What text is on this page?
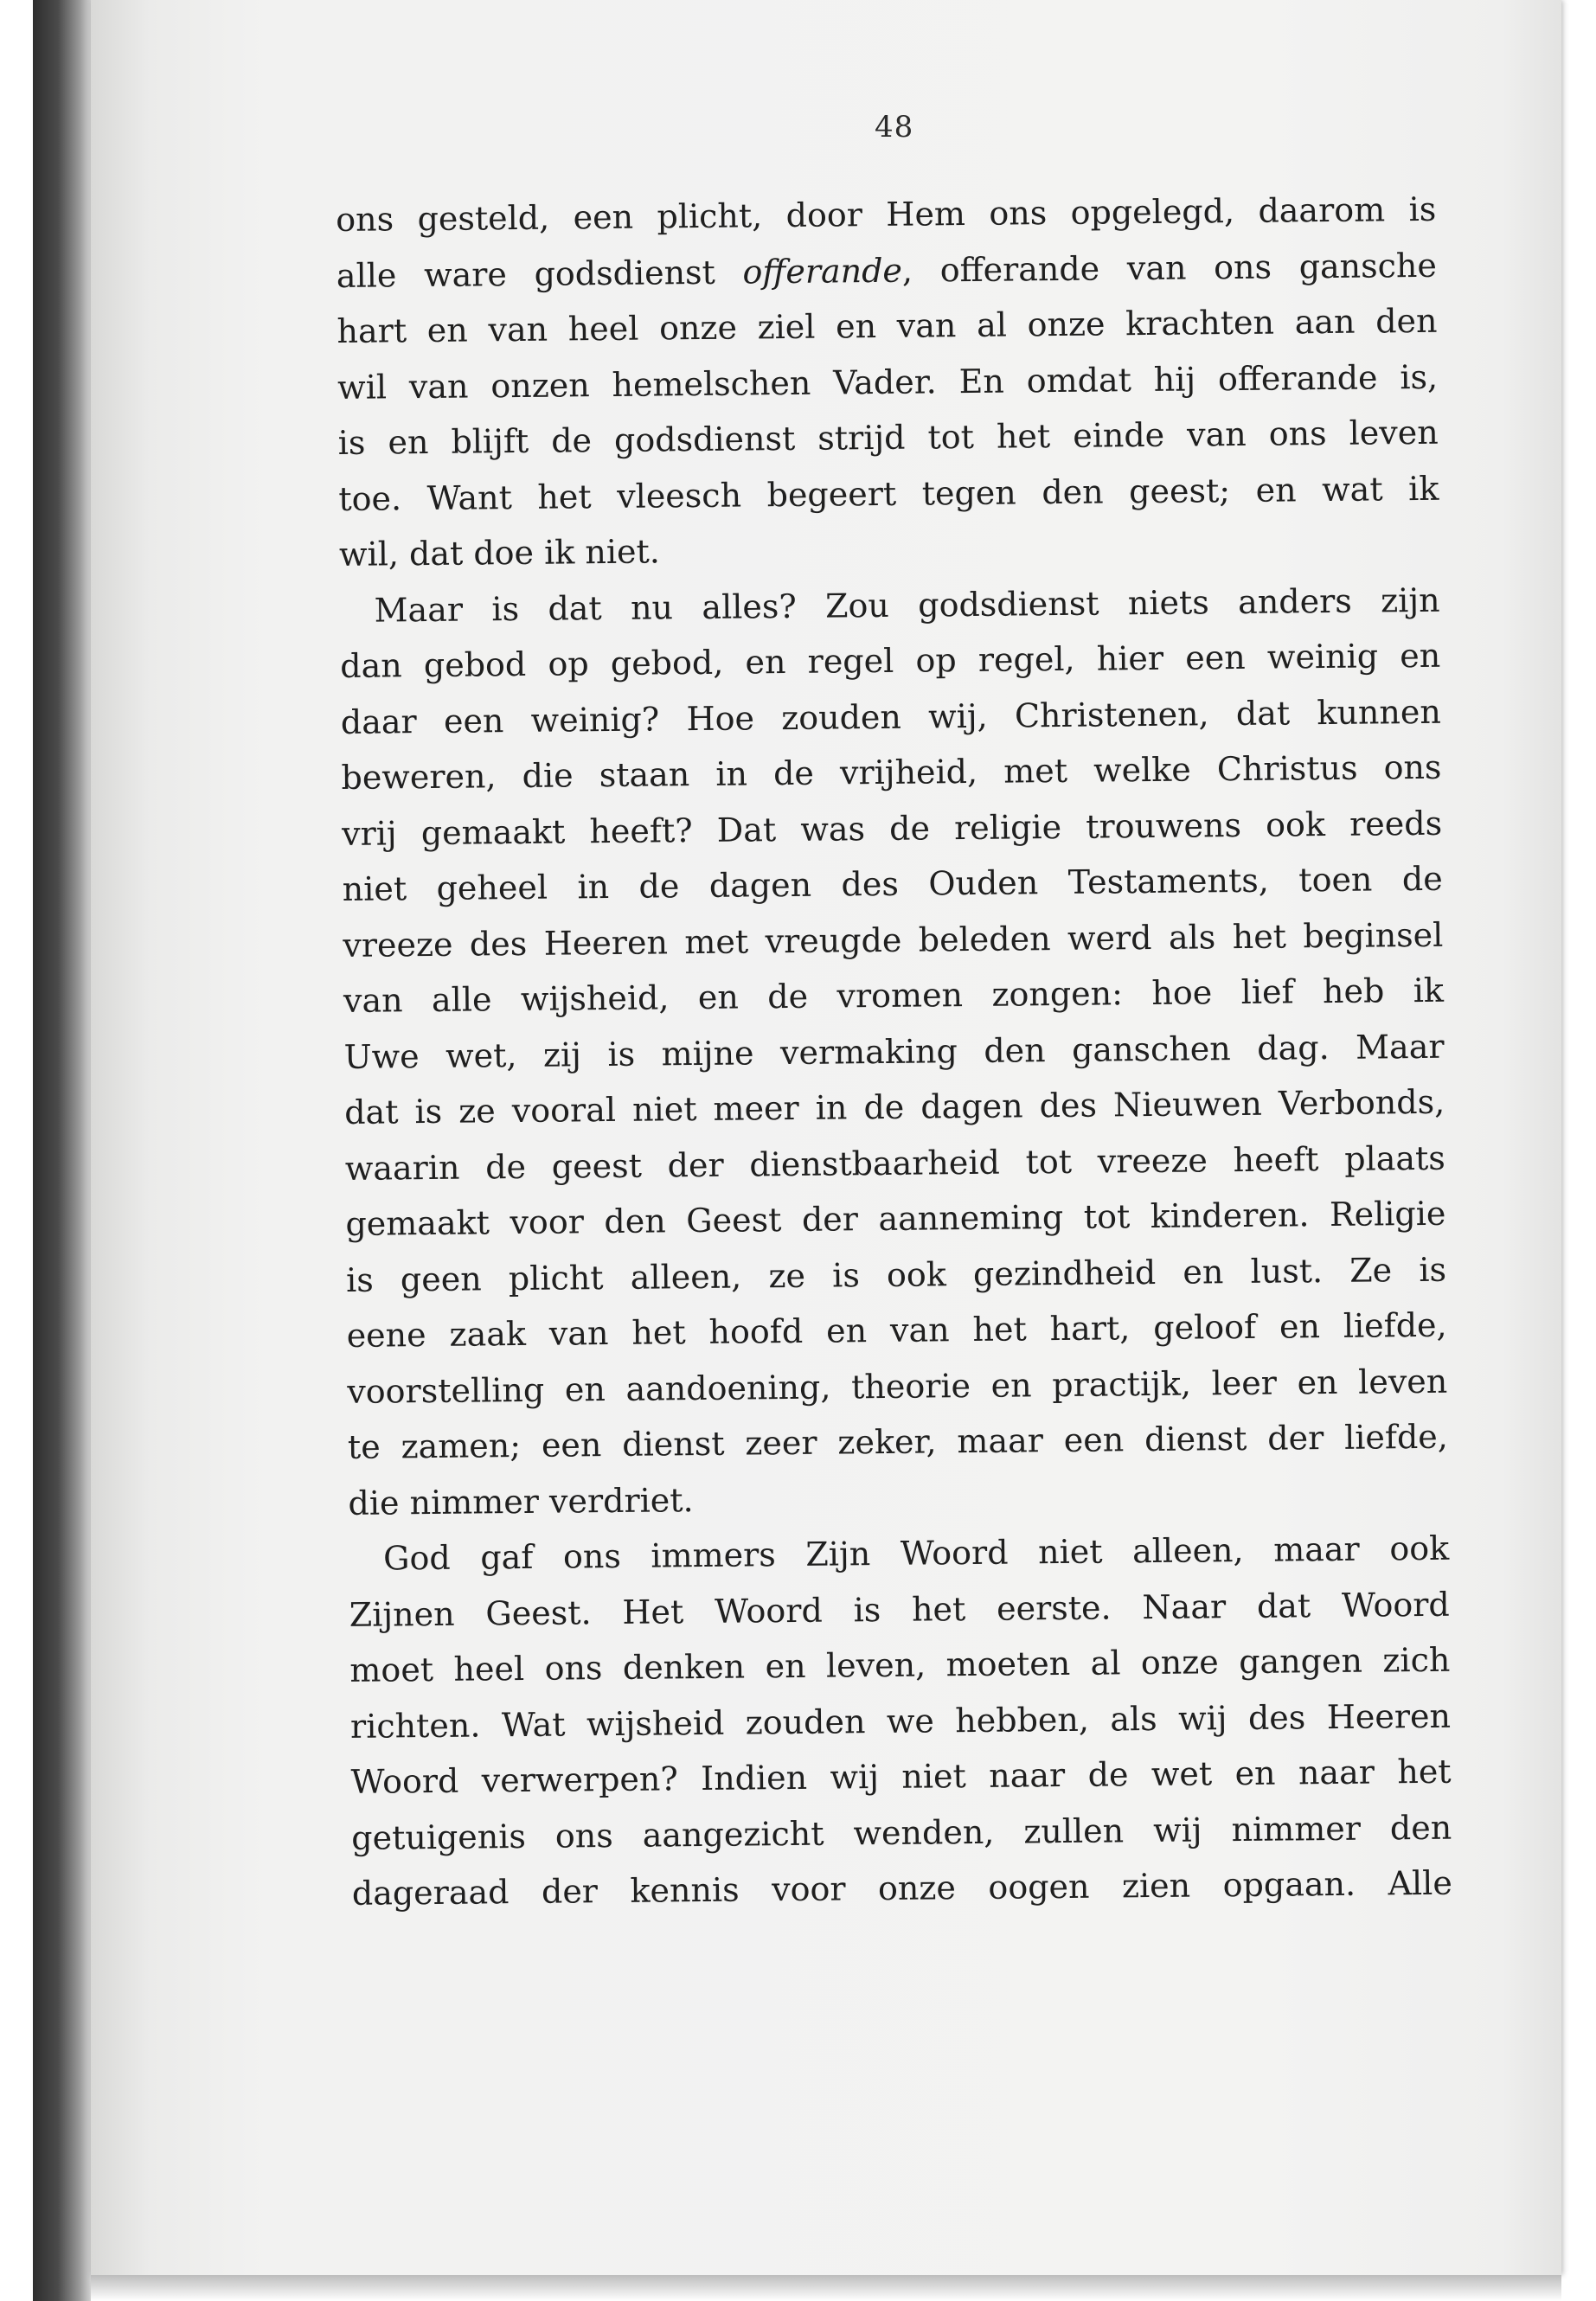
48
ons gesteld, een plicht, door Hem ons opgelegd, daarom is
alle ware godsdienst offerande, offerande van ons gansche
hart en van heel onze ziel en van al onze krachten aan den
wil van onzen hemelschen Vader. En omdat hij offerande is,
is en blijft de godsdienst strijd tot het einde van ons leven
toe. Want het vleesch begeert tegen den geest; en wat ik
wil, dat doe ik niet.
Maar is dat nu alles? Zou godsdienst niets anders zijn
dan gebod op gebod, en regel op regel, hier een weinig en
daar een weinig? Hoe zouden wij, Christenen, dat kunnen
beweren, die staan in de vrijheid, met welke Christus ons
vrij gemaakt heeft? Dat was de religie trouwens ook reeds
niet geheel in de dagen des Ouden Testaments, toen de
vreeze des Heeren met vreugde beleden werd als het beginsel
van alle wijsheid, en de vromen zongen: hoe lief heb ik
Uwe wet, zij is mijne vermaking den ganschen dag. Maar
dat is ze vooral niet meer in de dagen des Nieuwen Verbonds,
waarin de geest der dienstbaarheid tot vreeze heeft plaats
gemaakt voor den Geest der aanneming tot kinderen. Religie
is geen plicht alleen, ze is ook gezindheid en lust. Ze is
eene zaak van het hoofd en van het hart, geloof en liefde,
voorstelling en aandoening, theorie en practijk, leer en leven
te zamen; een dienst zeer zeker, maar een dienst der liefde,
die nimmer verdriet.
God gaf ons immers Zijn Woord niet alleen, maar ook
Zijnen Geest. Het Woord is het eerste. Naar dat Woord
moet heel ons denken en leven, moeten al onze gangen zich
richten. Wat wijsheid zouden we hebben, als wij des Heeren
Woord verwerpen? Indien wij niet naar de wet en naar het
getuigenis ons aangezicht wenden, zullen wij nimmer den
dageraad der kennis voor onze oogen zien opgaan. Alle
